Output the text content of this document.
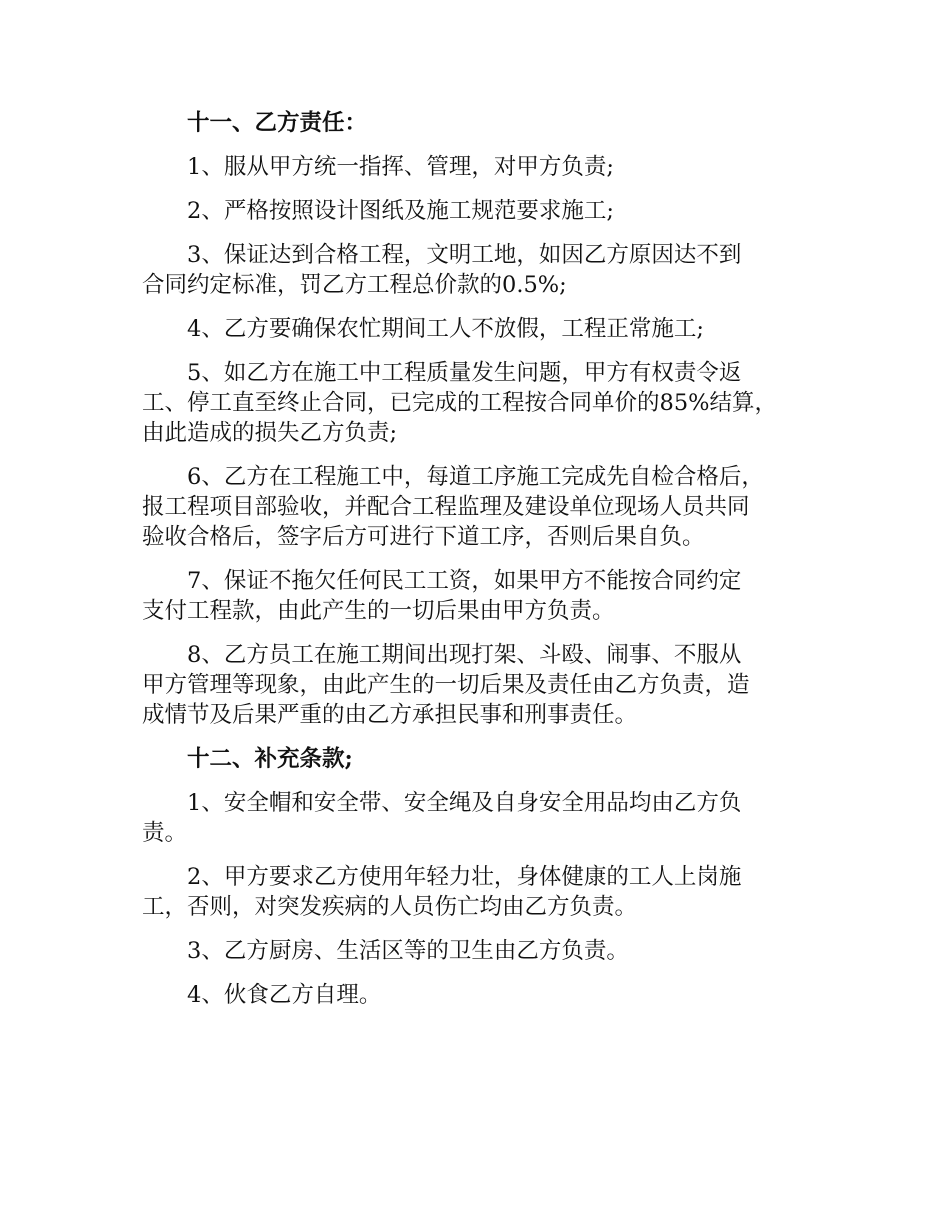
十一、乙方责任：
1、服从甲方统一指挥、管理，对甲方负责;
2、严格按照设计图纸及施工规范要求施工;
3、保证达到合格工程，文明工地，如因乙方原因达不到
合同约定标准，罚乙方工程总价款的0.5%;
4、乙方要确保农忙期间工人不放假，工程正常施工;
5、如乙方在施工中工程质量发生问题，甲方有权责令返
工、停工直至终止合同，已完成的工程按合同单价的85%结算，
由此造成的损失乙方负责;
6、乙方在工程施工中，每道工序施工完成先自检合格后，
报工程项目部验收，并配合工程监理及建设单位现场人员共同
验收合格后，签字后方可进行下道工序，否则后果自负。
7、保证不拖欠任何民工工资，如果甲方不能按合同约定
支付工程款，由此产生的一切后果由甲方负责。
8、乙方员工在施工期间出现打架、斗殴、闹事、不服从
甲方管理等现象，由此产生的一切后果及责任由乙方负责，造
成情节及后果严重的由乙方承担民事和刑事责任。
十二、补充条款;
1、安全帽和安全带、安全绳及自身安全用品均由乙方负
责。
2、甲方要求乙方使用年轻力壮，身体健康的工人上岗施
工，否则，对突发疾病的人员伤亡均由乙方负责。
3、乙方厨房、生活区等的卫生由乙方负责。
4、伙食乙方自理。
